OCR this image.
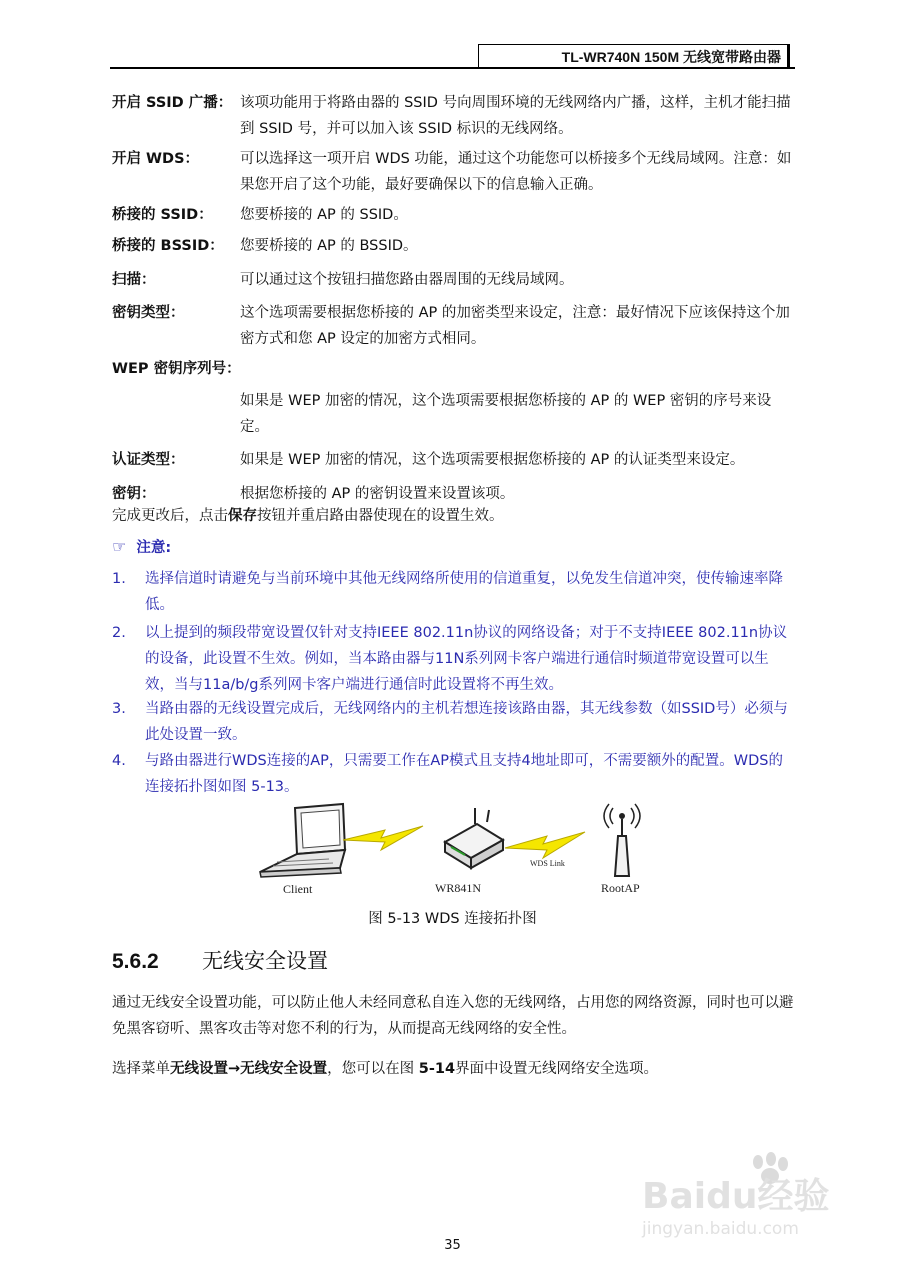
TL-WR740N 150M 无线宽带路由器
开启 SSID 广播： 该项功能用于将路由器的 SSID 号向周围环境的无线网络内广播，这样，主机才能扫描到 SSID 号，并可以加入该 SSID 标识的无线网络。
开启 WDS：	可以选择这一项开启 WDS 功能，通过这个功能您可以桥接多个无线局域网。注意：如果您开启了这个功能，最好要确保以下的信息输入正确。
桥接的 SSID： 您要桥接的 AP 的 SSID。
桥接的 BSSID： 您要桥接的 AP 的 BSSID。
扫描：	可以通过这个按钮扫描您路由器周围的无线局域网。
密钥类型：	这个选项需要根据您桥接的 AP 的加密类型来设定，注意：最好情况下应该保持这个加密方式和您 AP 设定的加密方式相同。
WEP 密钥序列号：
如果是 WEP 加密的情况，这个选项需要根据您桥接的 AP 的 WEP 密钥的序号来设定。
认证类型：	如果是 WEP 加密的情况，这个选项需要根据您桥接的 AP 的认证类型来设定。
密钥：	根据您桥接的 AP 的密钥设置来设置该项。
完成更改后，点击保存按钮并重启路由器使现在的设置生效。
☞ 注意:
1. 选择信道时请避免与当前环境中其他无线网络所使用的信道重复，以免发生信道冲突，使传输速率降低。
2. 以上提到的频段带宽设置仅针对支持IEEE 802.11n协议的网络设备；对于不支持IEEE 802.11n协议的设备，此设置不生效。例如，当本路由器与11N系列网卡客户端进行通信时频道带宽设置可以生效，当与11a/b/g系列网卡客户端进行通信时此设置将不再生效。
3. 当路由器的无线设置完成后，无线网络内的主机若想连接该路由器，其无线参数（如SSID号）必须与此处设置一致。
4. 与路由器进行WDS连接的AP，只需要工作在AP模式且支持4地址即可，不需要额外的配置。WDS的连接拓扑图如图 5-13。
Client	WR841N
WDS Link
RootAP
图 5-13 WDS 连接拓扑图
5.6.2 无线安全设置
通过无线安全设置功能，可以防止他人未经同意私自连入您的无线网络，占用您的网络资源，同时也可以避免黑客窃听、黑客攻击等对您不利的行为，从而提高无线网络的安全性。
选择菜单无线设置→无线安全设置，您可以在图 5-14界面中设置无线网络安全选项。
Baidu经验
jingyan.baidu.com
35
